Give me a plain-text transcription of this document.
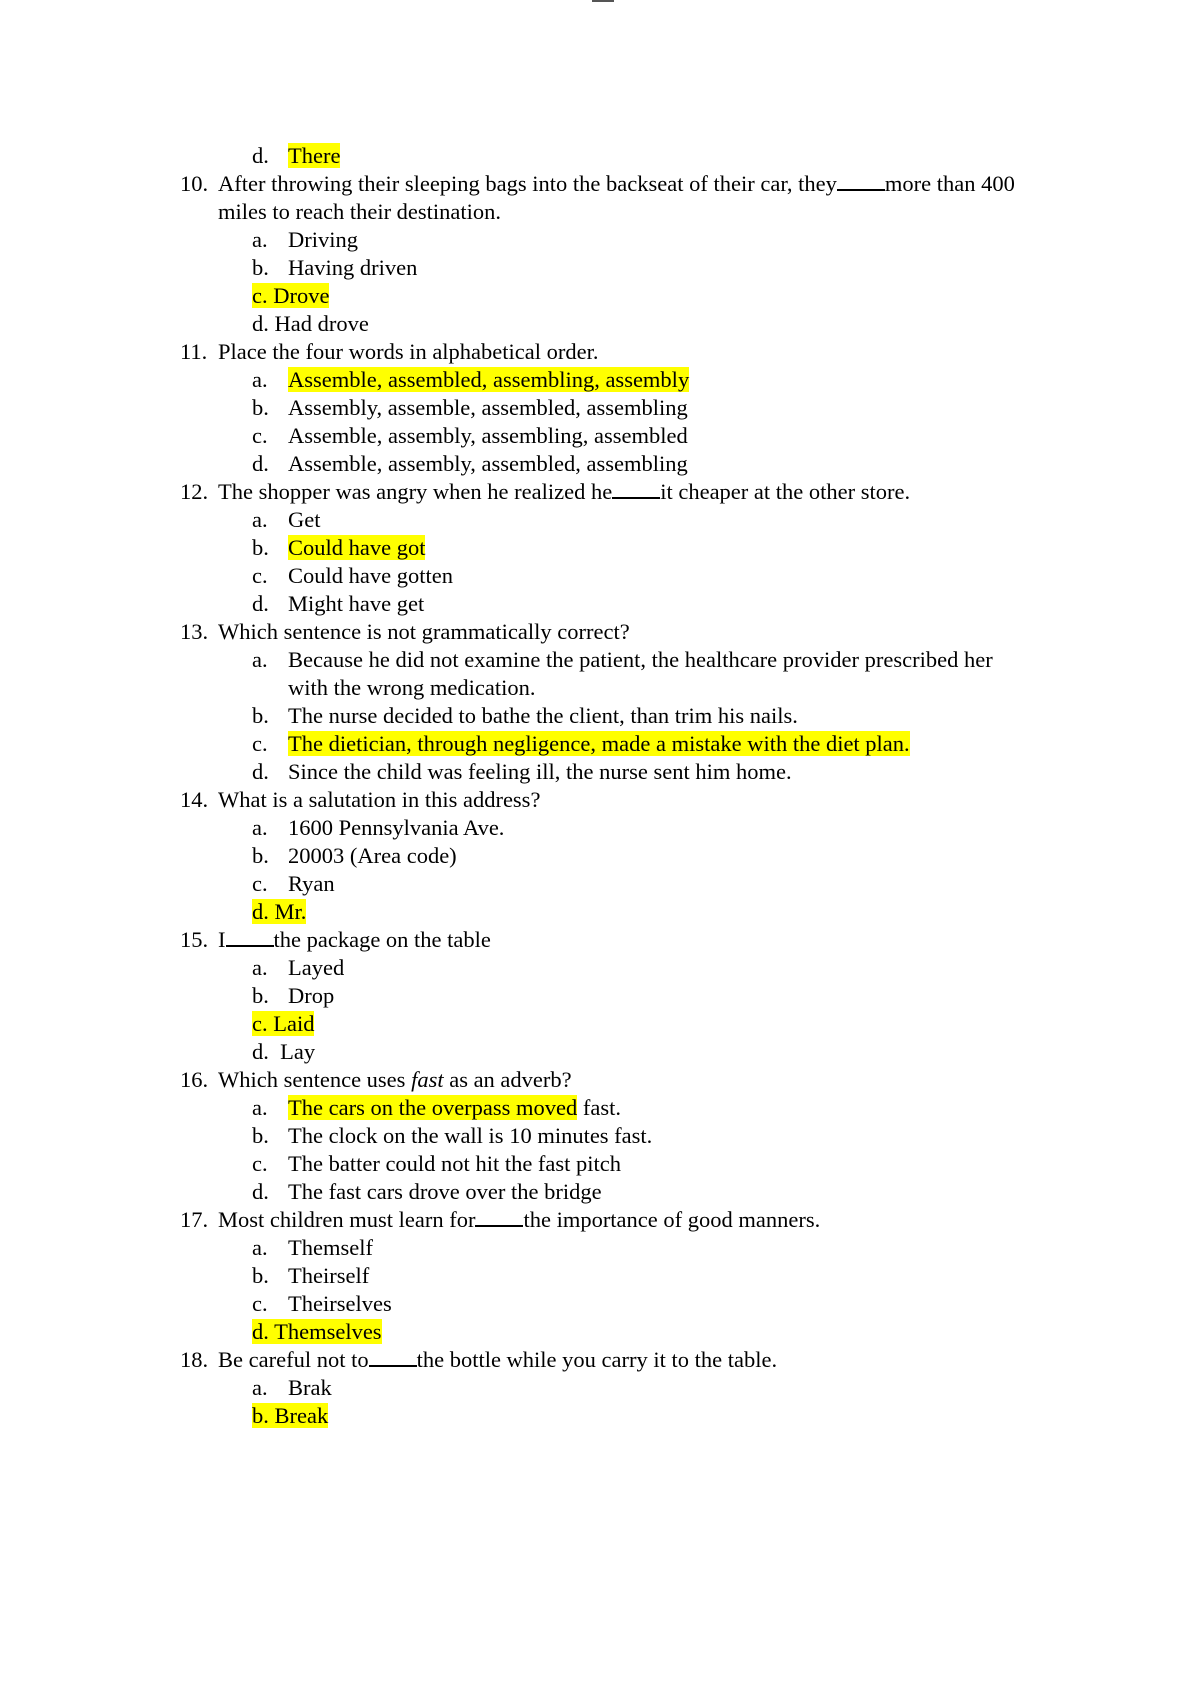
d. There
10. After throwing their sleeping bags into the backseat of their car, they more than 400
miles to reach their destination.
a. Driving
b. Having driven
c. Drove
d. Had drove
11. Place the four words in alphabetical order.
a. Assemble, assembled, assembling, assembly
b. Assembly, assemble, assembled, assembling
c. Assemble, assembly, assembling, assembled
d. Assemble, assembly, assembled, assembling
12. The shopper was angry when he realized he it cheaper at the other store.
a. Get
b. Could have got
c. Could have gotten
d. Might have get
13. Which sentence is not grammatically correct?
a. Because he did not examine the patient, the healthcare provider prescribed her
with the wrong medication.
b. The nurse decided to bathe the client, than trim his nails.
c. The dietician, through negligence, made a mistake with the diet plan.
d. Since the child was feeling ill, the nurse sent him home.
14. What is a salutation in this address?
a. 1600 Pennsylvania Ave.
b. 20003 (Area code)
c. Ryan
d. Mr.
15. I the package on the table
a. Layed
b. Drop
c. Laid
d. Lay
16. Which sentence uses fast as an adverb?
a. The cars on the overpass moved fast.
b. The clock on the wall is 10 minutes fast.
c. The batter could not hit the fast pitch
d. The fast cars drove over the bridge
17. Most children must learn for the importance of good manners.
a. Themself
b. Theirself
c. Theirselves
d. Themselves
18. Be careful not to the bottle while you carry it to the table.
a. Brak
b. Break
